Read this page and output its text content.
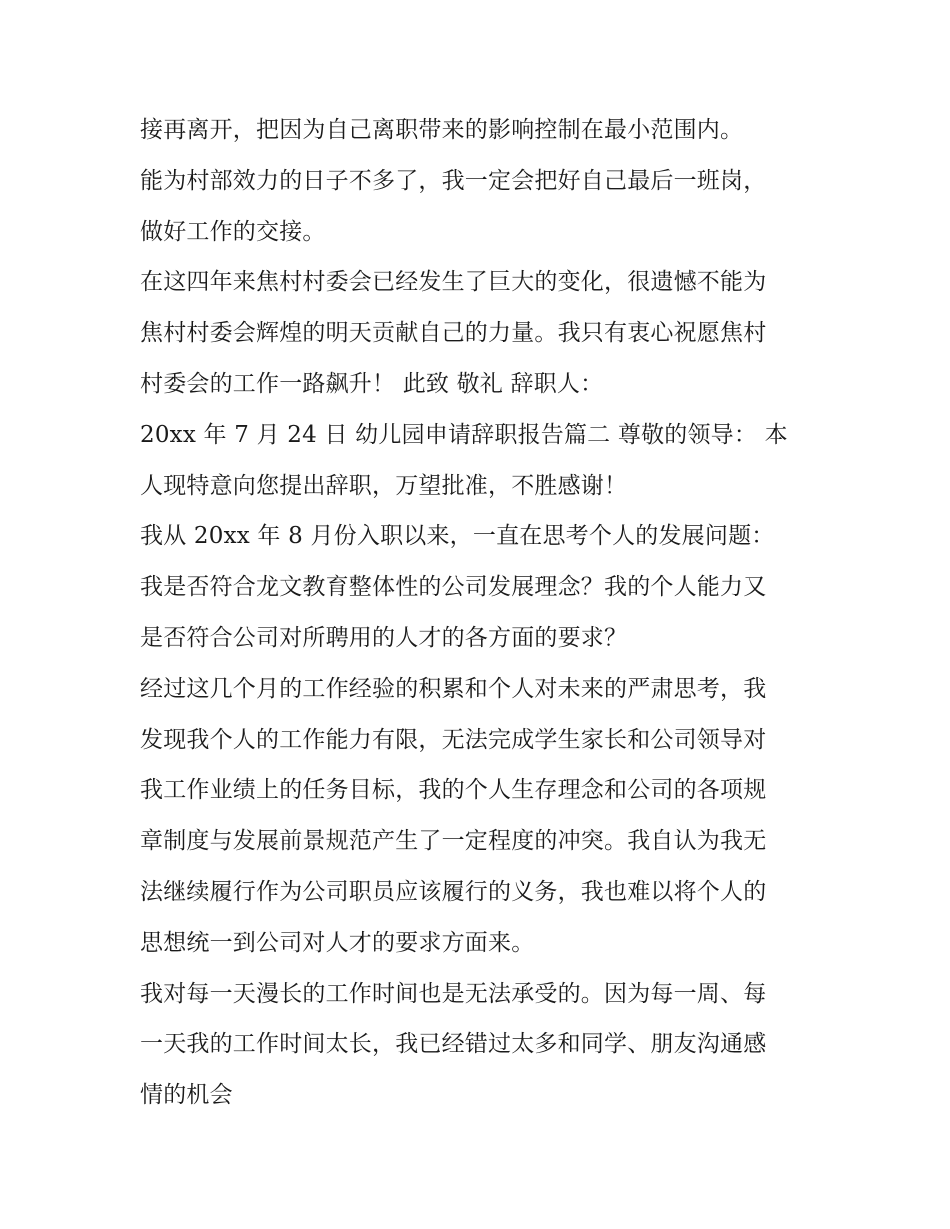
接再离开，把因为自己离职带来的影响控制在最小范围内。
能为村部效力的日子不多了，我一定会把好自己最后一班岗，
做好工作的交接。
在这四年来焦村村委会已经发生了巨大的变化，很遗憾不能为
焦村村委会辉煌的明天贡献自己的力量。我只有衷心祝愿焦村
村委会的工作一路飙升！ 此致 敬礼 辞职人：
20xx 年 7 月 24 日 幼儿园申请辞职报告篇二 尊敬的领导： 本
人现特意向您提出辞职，万望批准，不胜感谢！
我从 20xx 年 8 月份入职以来，一直在思考个人的发展问题：
我是否符合龙文教育整体性的公司发展理念？我的个人能力又
是否符合公司对所聘用的人才的各方面的要求？
经过这几个月的工作经验的积累和个人对未来的严肃思考，我
发现我个人的工作能力有限，无法完成学生家长和公司领导对
我工作业绩上的任务目标，我的个人生存理念和公司的各项规
章制度与发展前景规范产生了一定程度的冲突。我自认为我无
法继续履行作为公司职员应该履行的义务，我也难以将个人的
思想统一到公司对人才的要求方面来。
我对每一天漫长的工作时间也是无法承受的。因为每一周、每
一天我的工作时间太长，我已经错过太多和同学、朋友沟通感
情的机会
